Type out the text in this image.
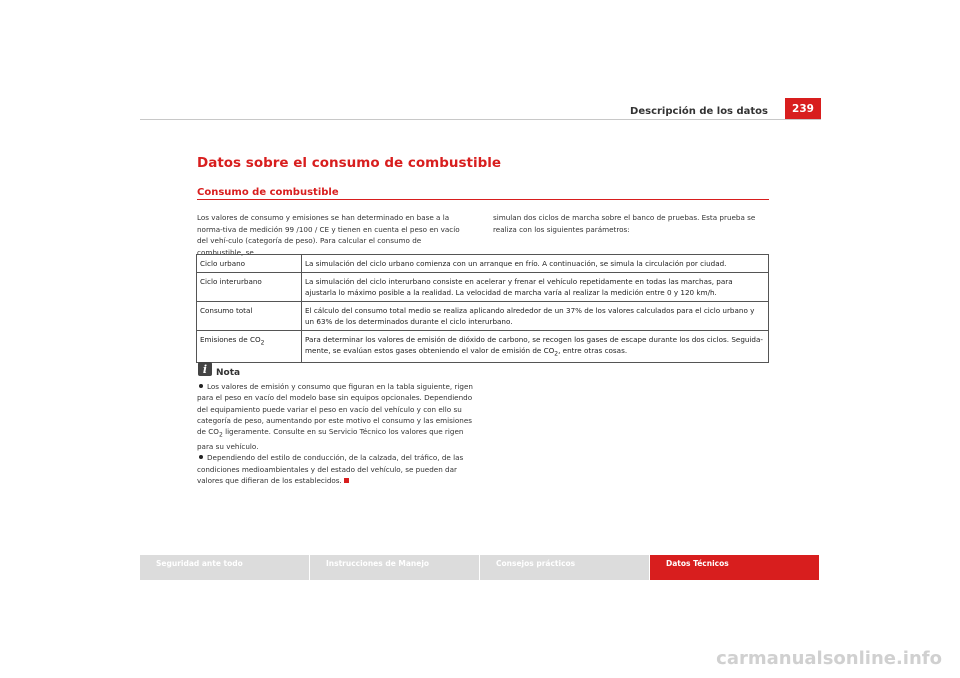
Descripción de los datos	239
Datos sobre el consumo de combustible
Consumo de combustible

Los valores de consumo y emisiones se han determinado en base a la norma-tiva de medición 99 /100 / CE y tienen en cuenta el peso en vacío del vehí-culo (categoría de peso). Para calcular el consumo de combustible, se

simulan dos ciclos de marcha sobre el banco de pruebas. Esta prueba se realiza con los siguientes parámetros:

Ciclo urbano	La simulación del ciclo urbano comienza con un arranque en frío. A continuación, se simula la circulación por ciudad.
Ciclo interurbano	La simulación del ciclo interurbano consiste en acelerar y frenar el vehículo repetidamente en todas las marchas, para ajustarla lo máximo posible a la realidad. La velocidad de marcha varía al realizar la medición entre 0 y 120 km/h.
Consumo total	El cálculo del consumo total medio se realiza aplicando alrededor de un 37% de los valores calculados para el ciclo urbano y un 63% de los determinados durante el ciclo interurbano.
Emisiones de $CO_2$	Para determinar los valores de emisión de dióxido de carbono, se recogen los gases de escape durante los dos ciclos. Seguida-mente, se evalúan estos gases obteniendo el valor de emisión de $CO_2$, entre otras cosas.
i Nota

Los valores de emisión y consumo que figuran en la tabla siguiente, rigen para el peso en vacío del modelo base sin equipos opcionales. Dependiendo del equipamiento puede variar el peso en vacío del vehículo y con ello su categoría de peso, aumentando por este motivo el consumo y las emisiones de $CO_2$ ligeramente. Consulte en su Servicio Técnico los valores que rigen para su vehículo.

Dependiendo del estilo de conducción, de la calzada, del tráfico, de las condiciones medioambientales y del estado del vehículo, se pueden dar valores que difieran de los establecidos.

Seguridad ante todo	Instrucciones de Manejo	Consejos prácticos	Datos Técnicos
carmanualsonline.info
